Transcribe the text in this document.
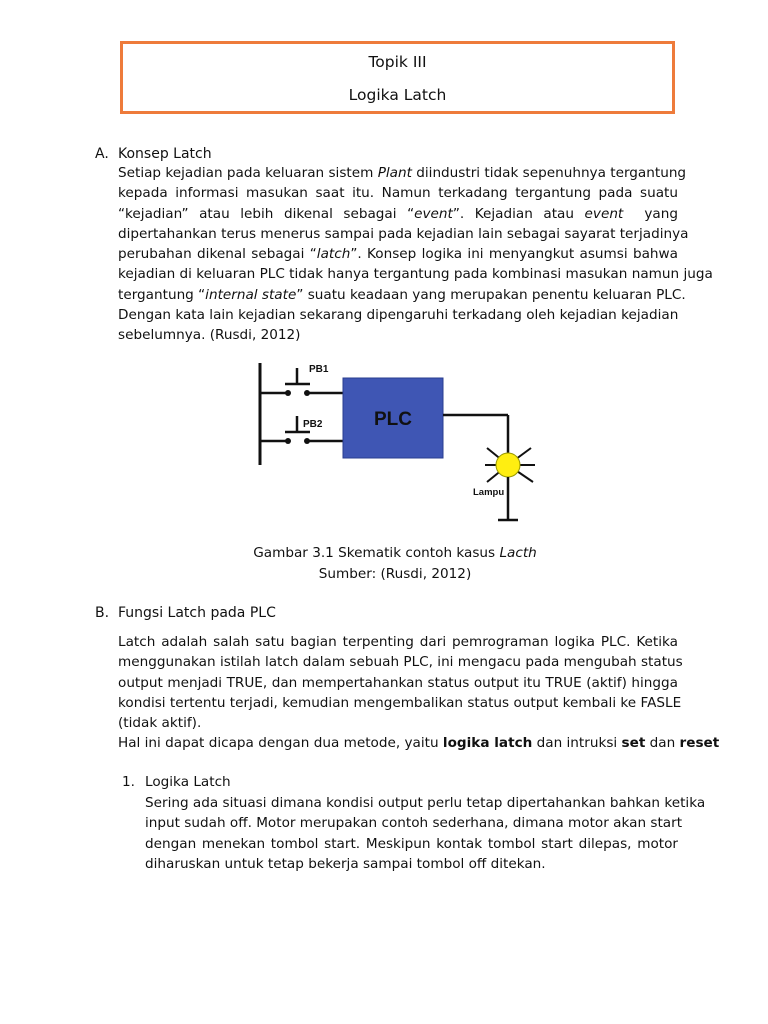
Topik III
Logika Latch
A. Konsep Latch
Setiap kejadian pada keluaran sistem Plant diindustri tidak sepenuhnya tergantung
kepada informasi masukan saat itu. Namun terkadang tergantung pada suatu
“kejadian” atau lebih dikenal sebagai “event”. Kejadian atau event  yang
dipertahankan terus menerus sampai pada kejadian lain sebagai sayarat terjadinya
perubahan dikenal sebagai “latch”. Konsep logika ini menyangkut asumsi bahwa
kejadian di keluaran PLC tidak hanya tergantung pada kombinasi masukan namun juga
tergantung “internal state” suatu keadaan yang merupakan penentu keluaran PLC.
Dengan kata lain kejadian sekarang dipengaruhi terkadang oleh kejadian kejadian
sebelumnya. (Rusdi, 2012)
PB1
PB2	PLC
Lampu
Gambar 3.1 Skematik contoh kasus Lacth
Sumber: (Rusdi, 2012)
B. Fungsi Latch pada PLC
Latch adalah salah satu bagian terpenting dari pemrograman logika PLC. Ketika
menggunakan istilah latch dalam sebuah PLC, ini mengacu pada mengubah status
output menjadi TRUE, dan mempertahankan status output itu TRUE (aktif) hingga
kondisi tertentu terjadi, kemudian mengembalikan status output kembali ke FASLE
(tidak aktif).
Hal ini dapat dicapa dengan dua metode, yaitu logika latch dan intruksi set dan reset
1. Logika Latch
Sering ada situasi dimana kondisi output perlu tetap dipertahankan bahkan ketika
input sudah off. Motor merupakan contoh sederhana, dimana motor akan start
dengan menekan tombol start. Meskipun kontak tombol start dilepas, motor
diharuskan untuk tetap bekerja sampai tombol off ditekan.
